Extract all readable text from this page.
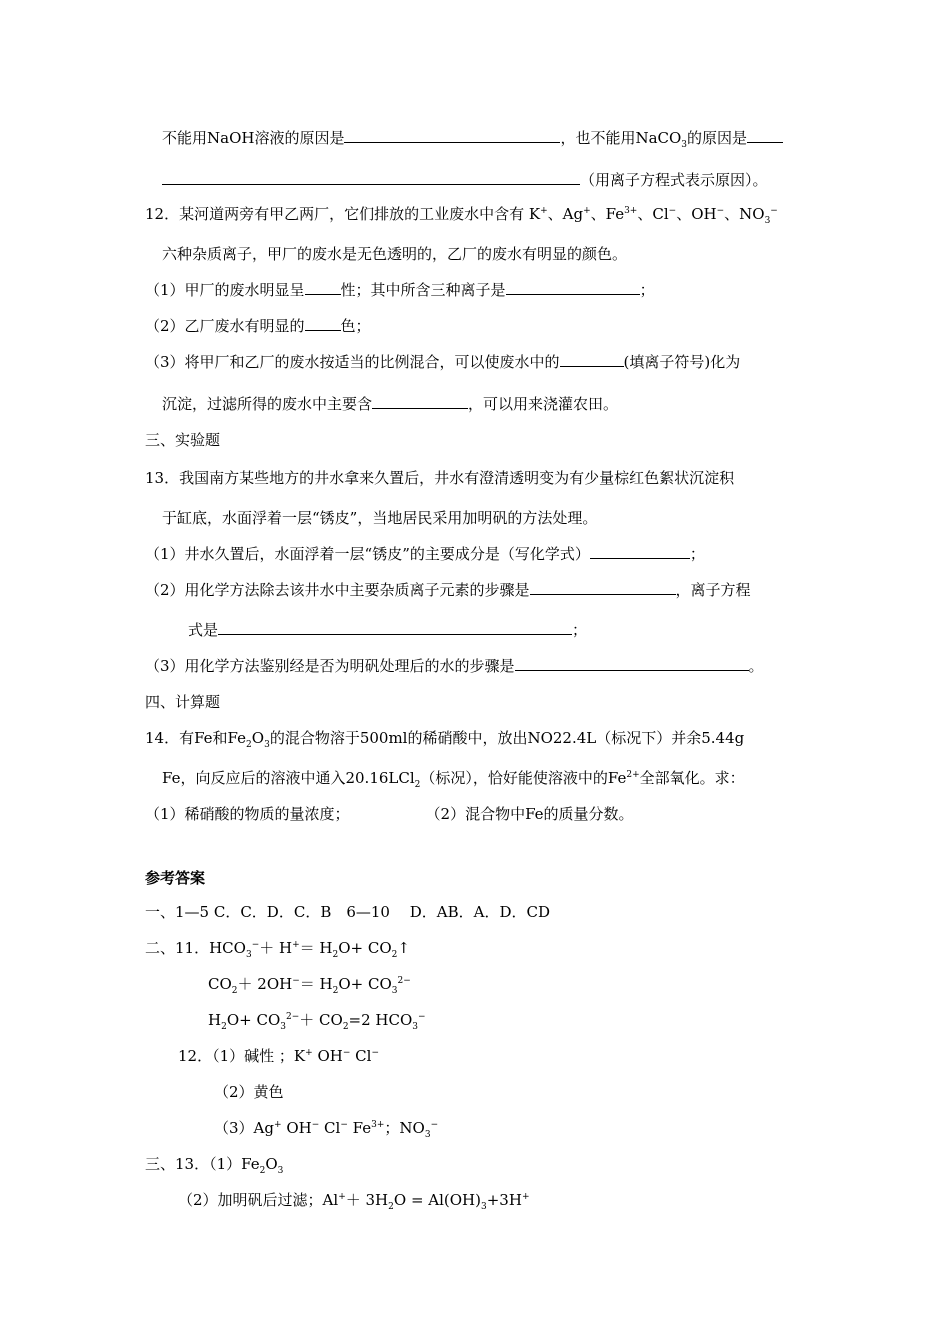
不能用NaOH溶液的原因是	，也不能用NaCO$_3$的原因是
（用离子方程式表示原因）。
12．某河道两旁有甲乙两厂，它们排放的工业废水中含有 K+、Ag+、$Fe^{3+}$、Cl−、OH−、$NO_3^-$
六种杂质离子，甲厂的废水是无色透明的，乙厂的废水有明显的颜色。
（1）甲厂的废水明显呈 性；其中所含三种离子是	；
（2）乙厂废水有明显的 色；
（3）将甲厂和乙厂的废水按适当的比例混合，可以使废水中的	(填离子符号)化为
沉淀，过滤所得的废水中主要含	，可以用来浇灌农田。
三、实验题
13．我国南方某些地方的井水拿来久置后，井水有澄清透明变为有少量棕红色絮状沉淀积
于缸底，水面浮着一层“锈皮”，当地居民采用加明矾的方法处理。
（1）井水久置后，水面浮着一层“锈皮”的主要成分是（写化学式）	；
（2）用化学方法除去该井水中主要杂质离子元素的步骤是	，离子方程
式是	；
（3）用化学方法鉴别经是否为明矾处理后的水的步骤是	。
四、计算题
14．有Fe和$Fe_2O_3$的混合物溶于500ml的稀硝酸中，放出NO22.4L（标况下）并余5.44g
Fe，向反应后的溶液中通入20.16LCl$_2$（标况），恰好能使溶液中的$Fe^{2+}$全部氧化。求：
（1）稀硝酸的物质的量浓度；	（2）混合物中Fe的质量分数。
参考答案
一、1—5 C．C．D．C．B　6—10　 D．AB．A．D．CD
二、11．$HCO_3^-+ H^+= H_2O+$ $CO_2↑$
$CO_2+ 2OH^-= H_2O+ CO_3^{2-}$
$H_2O+ CO_3^{2-}+ CO_2=2$ $HCO_3^-$
12．（1）碱性 ；K+ OH− Cl−
（2）黄色
（3）Ag+ OH− Cl− $Fe^{3+}$；$NO_3^-$
三、13．$(1)Fe_2O_3$
（2）加明矾后过滤；$Al^++ 3H_2O = Al(OH)_3+3H^+$
